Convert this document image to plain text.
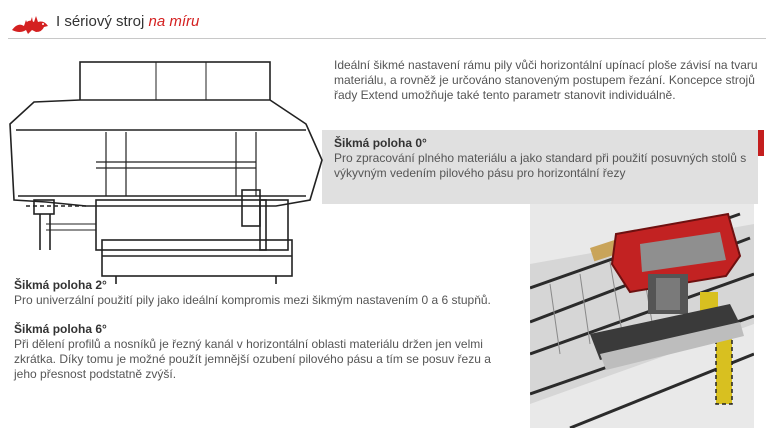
I sériový stroj na míru
Ideální šikmé nastavení rámu pily vůči horizontální upínací ploše závisí na tvaru materiálu, a rovněž je určováno stanoveným postupem řezání. Koncepce strojů řady Extend umožňuje také tento parametr stanovit individuálně.
Šikmá poloha 0°
Pro zpracování plného materiálu a jako standard při použití posuvných stolů s výkyvným vedením pilového pásu pro horizontální řezy
Šikmá poloha 2°
Pro univerzální použití pily jako ideální kompromis mezi šikmým nastavením 0 a 6 stupňů.
Šikmá poloha 6°
Při dělení profilů a nosníků je řezný kanál v horizontální oblasti materiálu držen jen velmi zkrátka. Díky tomu je možné použít jemnější ozubení pilového pásu a tím se posuv řezu a jeho přesnost podstatně zvýší.
